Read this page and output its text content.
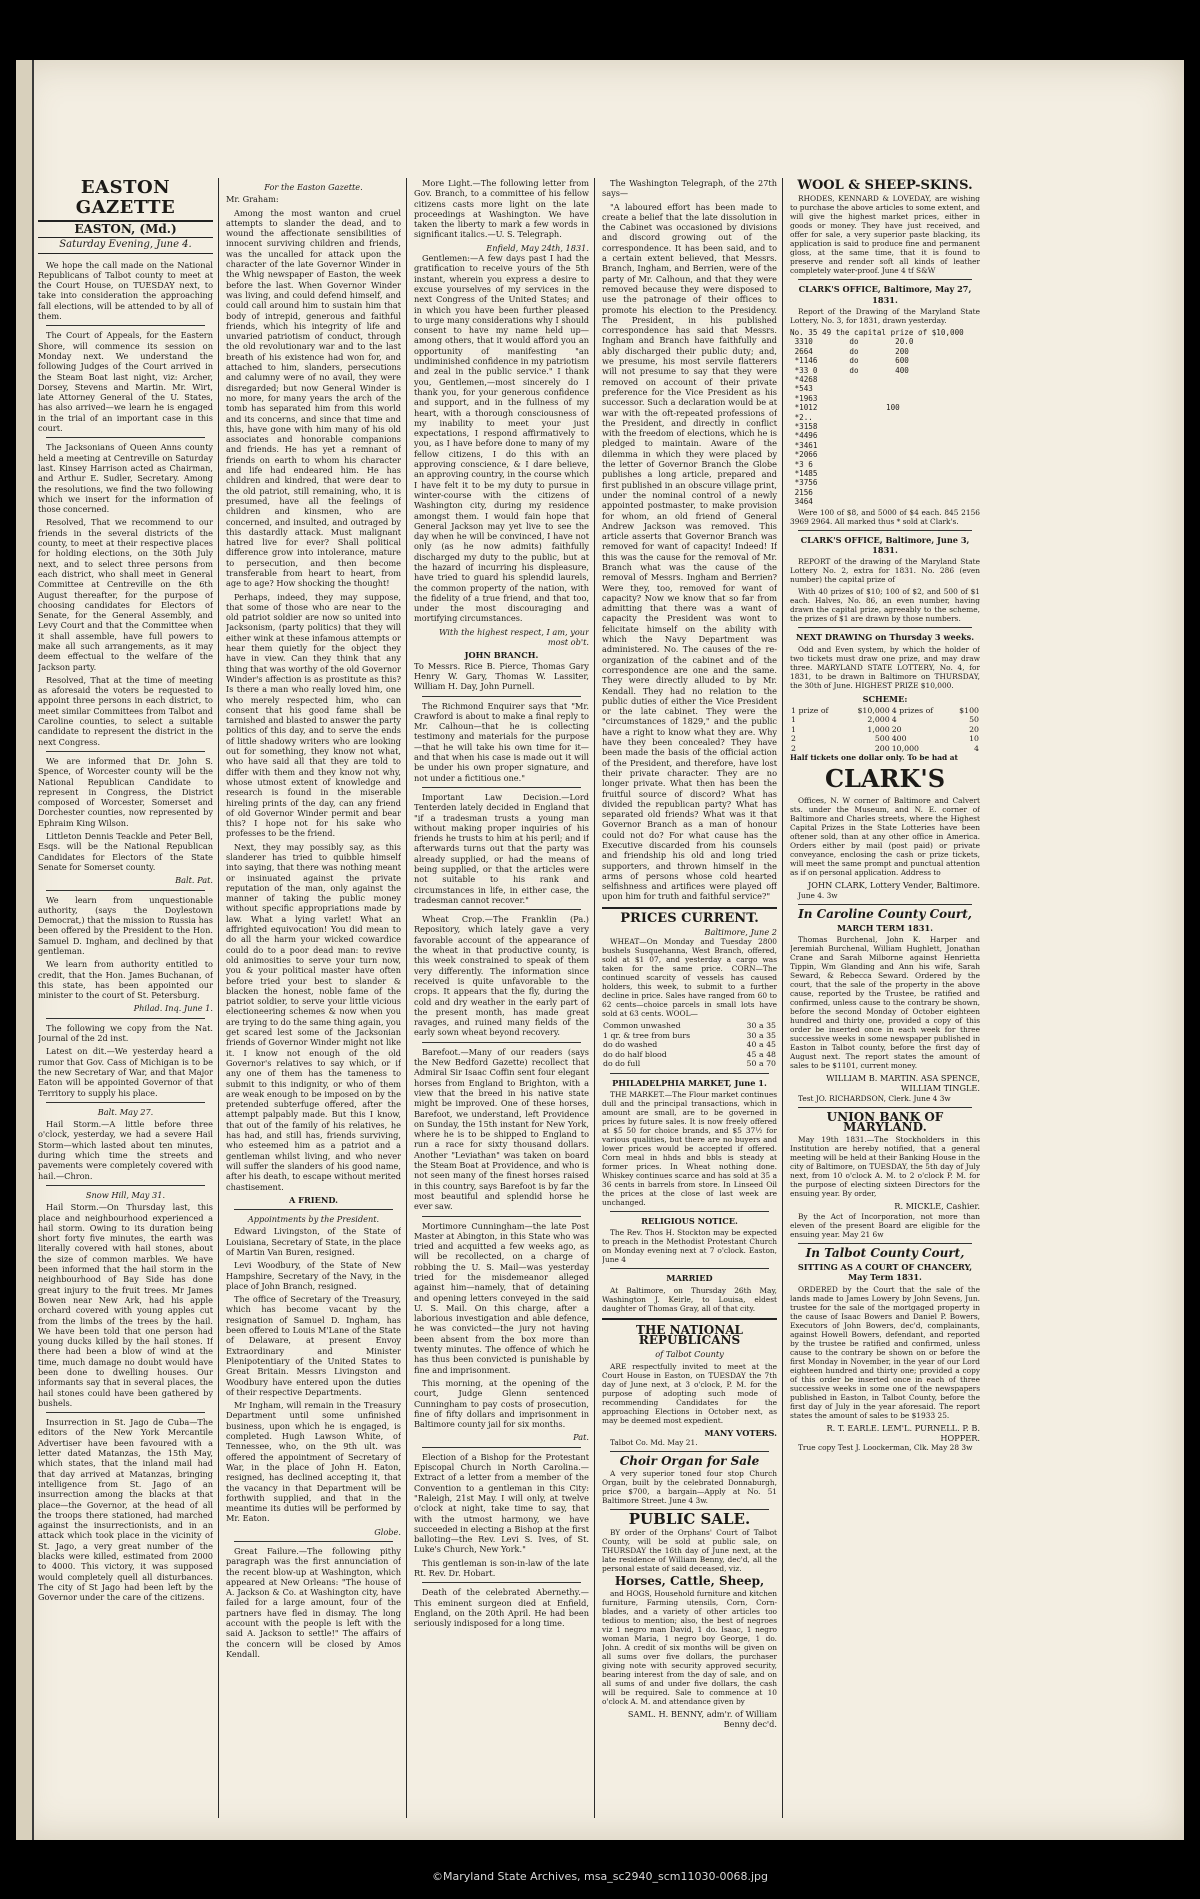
EASTON GAZETTE
EASTON, (Md.)
Saturday Evening, June 4.

We hope the call made on the National Republicans of Talbot county to meet at the Court House, on TUESDAY next, to take into consideration the approaching fall elections, will be attended to by all of them.

The Court of Appeals, for the Eastern Shore, will commence its session on Monday next. We understand the following Judges of the Court arrived in the Steam Boat last night, viz: Archer, Dorsey, Stevens and Martin. Mr. Wirt, late Attorney General of the U. States, has also arrived—we learn he is engaged in the trial of an important case in this court.

The Jacksonians of Queen Anns county held a meeting at Centreville on Saturday last. Kinsey Harrison acted as Chairman, and Arthur E. Sudler, Secretary. Among the resolutions, we find the two following which we insert for the information of those concerned.

Resolved, That we recommend to our friends in the several districts of the county, to meet at their respective places for holding elections, on the 30th July next, and to select three persons from each district, who shall meet in General Committee at Centreville on the 6th August thereafter, for the purpose of choosing candidates for Electors of Senate, for the General Assembly, and Levy Court and that the Committee when it shall assemble, have full powers to make all such arrangements, as it may deem effectual to the welfare of the Jackson party.

Resolved, That at the time of meeting as aforesaid the voters be requested to appoint three persons in each district, to meet similar Committees from Talbot and Caroline counties, to select a suitable candidate to represent the district in the next Congress.

We are informed that Dr. John S. Spence, of Worcester county will be the National Republican Candidate to represent in Congress, the District composed of Worcester, Somerset and Dorchester counties, now represented by Ephraim King Wilson.

Littleton Dennis Teackle and Peter Bell, Esqs. will be the National Republican Candidates for Electors of the State Senate for Somerset county.

Balt. Pat.

We learn from unquestionable authority, (says the Doylestown Democrat,) that the mission to Russia has been offered by the President to the Hon. Samuel D. Ingham, and declined by that gentleman.

We learn from authority entitled to credit, that the Hon. James Buchanan, of this state, has been appointed our minister to the court of St. Petersburg.

Philad. Inq. June 1.

The following we copy from the Nat. Journal of the 2d inst.

Latest on dit.—We yesterday heard a rumor that Gov. Cass of Michigan is to be the new Secretary of War, and that Major Eaton will be appointed Governor of that Territory to supply his place.

Balt. May 27.

Hail Storm.—A little before three o'clock, yesterday, we had a severe Hail Storm—which lasted about ten minutes, during which time the streets and pavements were completely covered with hail.—Chron.

Snow Hill, May 31.

Hail Storm.—On Thursday last, this place and neighbourhood experienced a hail storm. Owing to its duration being short forty five minutes, the earth was literally covered with hail stones, about the size of common marbles. We have been informed that the hail storm in the neighbourhood of Bay Side has done great injury to the fruit trees. Mr James Bowen near New Ark, had his apple orchard covered with young apples cut from the limbs of the trees by the hail. We have been told that one person had young ducks killed by the hail stones. If there had been a blow of wind at the time, much damage no doubt would have been done to dwelling houses. Our informants say that in several places, the hail stones could have been gathered by bushels.

Insurrection in St. Jago de Cuba—The editors of the New York Mercantile Advertiser have been favoured with a letter dated Matanzas, the 15th May, which states, that the inland mail had that day arrived at Matanzas, bringing intelligence from St. Jago of an insurrection among the blacks at that place—the Governor, at the head of all the troops there stationed, had marched against the insurrectionists, and in an attack which took place in the vicinity of St. Jago, a very great number of the blacks were killed, estimated from 2000 to 4000. This victory, it was supposed would completely quell all disturbances. The city of St Jago had been left by the Governor under the care of the citizens.

For the Easton Gazette.

Mr. Graham:

Among the most wanton and cruel attempts to slander the dead, and to wound the affectionate sensibilities of innocent surviving children and friends, was the uncalled for attack upon the character of the late Governor Winder in the Whig newspaper of Easton, the week before the last. When Governor Winder was living, and could defend himself, and could call around him to sustain him that body of intrepid, generous and faithful friends, which his integrity of life and unvaried patriotism of conduct, through the old revolutionary war and to the last breath of his existence had won for, and attached to him, slanders, persecutions and calumny were of no avail, they were disregarded; but now General Winder is no more, for many years the arch of the tomb has separated him from this world and its concerns, and since that time and this, have gone with him many of his old associates and honorable companions and friends. He has yet a remnant of friends on earth to whom his character and life had endeared him. He has children and kindred, that were dear to the old patriot, still remaining, who, it is presumed, have all the feelings of children and kinsmen, who are concerned, and insulted, and outraged by this dastardly attack. Must malignant hatred live for ever? Shall political difference grow into intolerance, mature to persecution, and then become transferable from heart to heart, from age to age? How shocking the thought!

Perhaps, indeed, they may suppose, that some of those who are near to the old patriot soldier are now so united into Jacksonism, (party politics) that they will either wink at these infamous attempts or hear them quietly for the object they have in view. Can they think that any thing that was worthy of the old Governor Winder's affection is as prostitute as this? Is there a man who really loved him, one who merely respected him, who can consent that his good fame shall be tarnished and blasted to answer the party politics of this day, and to serve the ends of little shadowy writers who are looking out for something, they know not what, who have said all that they are told to differ with them and they know not why, whose utmost extent of knowledge and research is found in the miserable hireling prints of the day, can any friend of old Governor Winder permit and bear this? I hope not for his sake who professes to be the friend.

Next, they may possibly say, as this slanderer has tried to quibble himself into saying, that there was nothing meant or insinuated against the private reputation of the man, only against the manner of taking the public money without specific appropriations made by law. What a lying varlet! What an affrighted equivocation! You did mean to do all the harm your wicked cowardice could do to a poor dead man: to revive old animosities to serve your turn now, you & your political master have often before tried your best to slander & blacken the honest, noble fame of the patriot soldier, to serve your little vicious electioneering schemes & now when you are trying to do the same thing again, you get scared lest some of the Jacksonian friends of Governor Winder might not like it. I know not enough of the old Governor's relatives to say which, or if any one of them has the tameness to submit to this indignity, or who of them are weak enough to be imposed on by the pretended subterfuge offered, after the attempt palpably made. But this I know, that out of the family of his relatives, he has had, and still has, friends surviving, who esteemed him as a patriot and a gentleman whilst living, and who never will suffer the slanders of his good name, after his death, to escape without merited chastisement.

A FRIEND.
Appointments by the President.

Edward Livingston, of the State of Louisiana, Secretary of State, in the place of Martin Van Buren, resigned.

Levi Woodbury, of the State of New Hampshire, Secretary of the Navy, in the place of John Branch, resigned.

The office of Secretary of the Treasury, which has become vacant by the resignation of Samuel D. Ingham, has been offered to Louis M'Lane of the State of Delaware, at present Envoy Extraordinary and Minister Plenipotentiary of the United States to Great Britain. Messrs Livingston and Woodbury have entered upon the duties of their respective Departments.

Mr Ingham, will remain in the Treasury Department until some unfinished business, upon which he is engaged, is completed. Hugh Lawson White, of Tennessee, who, on the 9th ult. was offered the appointment of Secretary of War, in the place of John H. Eaton, resigned, has declined accepting it, that the vacancy in that Department will be forthwith supplied, and that in the meantime its duties will be performed by Mr. Eaton.

Globe.

Great Failure.—The following pithy paragraph was the first annunciation of the recent blow-up at Washington, which appeared at New Orleans: "The house of A. Jackson & Co. at Washington city, have failed for a large amount, four of the partners have fled in dismay. The long account with the people is left with the said A. Jackson to settle!" The affairs of the concern will be closed by Amos Kendall.

More Light.—The following letter from Gov. Branch, to a committee of his fellow citizens casts more light on the late proceedings at Washington. We have taken the liberty to mark a few words in significant italics.—U. S. Telegraph.

Enfield, May 24th, 1831.

Gentlemen:—A few days past I had the gratification to receive yours of the 5th instant, wherein you express a desire to excuse yourselves of my services in the next Congress of the United States; and in which you have been further pleased to urge many considerations why I should consent to have my name held up—among others, that it would afford you an opportunity of manifesting "an undiminished confidence in my patriotism and zeal in the public service." I thank you, Gentlemen,—most sincerely do I thank you, for your generous confidence and support, and in the fullness of my heart, with a thorough consciousness of my inability to meet your just expectations, I respond affirmatively to you, as I have before done to many of my fellow citizens, I do this with an approving conscience, & I dare believe, an approving country, in the course which I have felt it to be my duty to pursue in winter-course with the citizens of Washington city, during my residence amongst them. I would fain hope that General Jackson may yet live to see the day when he will be convinced, I have not only (as he now admits) faithfully discharged my duty to the public, but at the hazard of incurring his displeasure, have tried to guard his splendid laurels, the common property of the nation, with the fidelity of a true friend, and that too, under the most discouraging and mortifying circumstances.

With the highest respect, I am, your most ob't.

JOHN BRANCH.

To Messrs. Rice B. Pierce, Thomas Gary Henry W. Gary, Thomas W. Lassiter, William H. Day, John Purnell.

The Richmond Enquirer says that "Mr. Crawford is about to make a final reply to Mr. Calhoun—that he is collecting testimony and materials for the purpose—that he will take his own time for it—and that when his case is made out it will be under his own proper signature, and not under a fictitious one."

Important Law Decision.—Lord Tenterden lately decided in England that "if a tradesman trusts a young man without making proper inquiries of his friends he trusts to him at his peril; and if afterwards turns out that the party was already supplied, or had the means of being supplied, or that the articles were not suitable to his rank and circumstances in life, in either case, the tradesman cannot recover."

Wheat Crop.—The Franklin (Pa.) Repository, which lately gave a very favorable account of the appearance of the wheat in that productive county, is this week constrained to speak of them very differently. The information since received is quite unfavorable to the crops. It appears that the fly, during the cold and dry weather in the early part of the present month, has made great ravages, and ruined many fields of the early sown wheat beyond recovery.

Barefoot.—Many of our readers (says the New Bedford Gazette) recollect that Admiral Sir Isaac Coffin sent four elegant horses from England to Brighton, with a view that the breed in his native state might be improved. One of these horses, Barefoot, we understand, left Providence on Sunday, the 15th instant for New York, where he is to be shipped to England to run a race for sixty thousand dollars. Another "Leviathan" was taken on board the Steam Boat at Providence, and who is not seen many of the finest horses raised in this country, says Barefoot is by far the most beautiful and splendid horse he ever saw.

Mortimore Cunningham—the late Post Master at Abington, in this State who was tried and acquitted a few weeks ago, as will be recollected, on a charge of robbing the U. S. Mail—was yesterday tried for the misdemeanor alleged against him—namely, that of detaining and opening letters conveyed in the said U. S. Mail. On this charge, after a laborious investigation and able defence, he was convicted—the jury not having been absent from the box more than twenty minutes. The offence of which he has thus been convicted is punishable by fine and imprisonment.

This morning, at the opening of the court, Judge Glenn sentenced Cunningham to pay costs of prosecution, fine of fifty dollars and imprisonment in Baltimore county jail for six months.

Pat.

Election of a Bishop for the Protestant Episcopal Church in North Carolina.—Extract of a letter from a member of the Convention to a gentleman in this City: "Raleigh, 21st May. I will only, at twelve o'clock at night, take time to say, that with the utmost harmony, we have succeeded in electing a Bishop at the first balloting—the Rev. Levi S. Ives, of St. Luke's Church, New York."

This gentleman is son-in-law of the late Rt. Rev. Dr. Hobart.

Death of the celebrated Abernethy.—This eminent surgeon died at Enfield, England, on the 20th April. He had been seriously indisposed for a long time.

The Washington Telegraph, of the 27th says—

"A laboured effort has been made to create a belief that the late dissolution in the Cabinet was occasioned by divisions and discord growing out of the correspondence. It has been said, and to a certain extent believed, that Messrs. Branch, Ingham, and Berrien, were of the party of Mr. Calhoun, and that they were removed because they were disposed to use the patronage of their offices to promote his election to the Presidency. The President, in his published correspondence has said that Messrs. Ingham and Branch have faithfully and ably discharged their public duty; and, we presume, his most servile flatterers will not presume to say that they were removed on account of their private preference for the Vice President as his successor. Such a declaration would be at war with the oft-repeated professions of the President, and directly in conflict with the freedom of elections, which he is pledged to maintain. Aware of the dilemma in which they were placed by the letter of Governor Branch the Globe publishes a long article, prepared and first published in an obscure village print, under the nominal control of a newly appointed postmaster, to make provision for whom, an old friend of General Andrew Jackson was removed. This article asserts that Governor Branch was removed for want of capacity! Indeed! If this was the cause for the removal of Mr. Branch what was the cause of the removal of Messrs. Ingham and Berrien? Were they, too, removed for want of capacity? Now we know that so far from admitting that there was a want of capacity the President was wont to felicitate himself on the ability with which the Navy Department was administered. No. The causes of the re-organization of the cabinet and of the correspondence are one and the same. They were directly alluded to by Mr. Kendall. They had no relation to the public duties of either the Vice President or the late cabinet. They were the "circumstances of 1829," and the public have a right to know what they are. Why have they been concealed? They have been made the basis of the official action of the President, and therefore, have lost their private character. They are no longer private. What then has been the fruitful source of discord? What has divided the republican party? What has separated old friends? What was it that Governor Branch as a man of honour could not do? For what cause has the Executive discarded from his counsels and friendship his old and long tried supporters, and thrown himself in the arms of persons whose cold hearted selfishness and artifices were played off upon him for truth and faithful service?"

PRICES CURRENT.
Baltimore, June 2

WHEAT—On Monday and Tuesday 2800 bushels Susquehanna, West Branch, offered, sold at $1 07, and yesterday a cargo was taken for the same price. CORN—The continued scarcity of vessels has caused holders, this week, to submit to a further decline in price. Sales have ranged from 60 to 62 cents—choice parcels in small lots have sold at 63 cents. WOOL—

Common unwashed	30 a 35
1 qr. & tree from burs	30 a 35
do do washed	40 a 45
do do half blood	45 a 48
do do full	50 a 70
PHILADELPHIA MARKET, June 1.

THE MARKET.—The Flour market continues dull and the principal transactions, which in amount are small, are to be governed in prices by future sales. It is now freely offered at $5 50 for choice brands, and $5 37½ for various qualities, but there are no buyers and lower prices would be accepted if offered. Corn meal in hhds and bbls is steady at former prices. In Wheat nothing done. Whiskey continues scarce and has sold at 35 a 36 cents in barrels from store. In Linseed Oil the prices at the close of last week are unchanged.

RELIGIOUS NOTICE.

The Rev. Thos H. Stockton may be expected to preach in the Methodist Protestant Church on Monday evening next at 7 o'clock. Easton, June 4

MARRIED

At Baltimore, on Thursday 26th May, Washington J. Keirle, to Louisa, eldest daughter of Thomas Gray, all of that city.

THE NATIONAL REPUBLICANS
of Talbot County

ARE respectfully invited to meet at the Court House in Easton, on TUESDAY the 7th day of June next, at 3 o'clock, P. M. for the purpose of adopting such mode of recommending Candidates for the approaching Elections in October next, as may be deemed most expedient.

MANY VOTERS.

Talbot Co. Md. May 21.

Choir Organ for Sale

A very superior toned four stop Church Organ, built by the celebrated Donnaburgh, price $700, a bargain—Apply at No. 51 Baltimore Street. June 4 3w.

PUBLIC SALE.

BY order of the Orphans' Court of Talbot County, will be sold at public sale, on THURSDAY the 16th day of June next, at the late residence of William Benny, dec'd, all the personal estate of said deceased, viz.

Horses, Cattle, Sheep,

and HOGS, Household furniture and kitchen furniture, Farming utensils, Corn, Corn-blades, and a variety of other articles too tedious to mention; also, the best of negroes viz 1 negro man David, 1 do. Isaac, 1 negro woman Maria, 1 negro boy George, 1 do. John. A credit of six months will be given on all sums over five dollars, the purchaser giving note with security approved security, bearing interest from the day of sale, and on all sums of and under five dollars, the cash will be required. Sale to commence at 10 o'clock A. M. and attendance given by

SAML. H. BENNY, adm'r. of William Benny dec'd.
WOOL & SHEEP-SKINS.

RHODES, KENNARD & LOVEDAY, are wishing to purchase the above articles to some extent, and will give the highest market prices, either in goods or money. They have just received, and offer for sale, a very superior paste blacking, its application is said to produce fine and permanent gloss, at the same time, that it is found to preserve and render soft all kinds of leather completely water-proof. June 4 tf S&W

CLARK'S OFFICE, Baltimore, May 27, 1831.

Report of the Drawing of the Maryland State Lottery, No. 3, for 1831, drawn yesterday.

No. 35 49 the capital prize of $10,000
3310        do        20.0
2664        do        200
*1146       do        600
*33 0       do        400
*4268
*543
*1963
*1012               100
*2..
*3158
*4496
*3461
*2066
*3 6
*1485
*3756
2156
3464

Were 100 of $8, and 5000 of $4 each. 845 2156 3969 2964. All marked thus * sold at Clark's.

CLARK'S OFFICE, Baltimore, June 3, 1831.

REPORT of the drawing of the Maryland State Lottery No. 2, extra for 1831. No. 286 (even number) the capital prize of

With 40 prizes of $10; 100 of $2, and 500 of $1 each. Halves, No. 86, an even number, having drawn the capital prize, agreeably to the scheme, the prizes of $1 are drawn by those numbers.

NEXT DRAWING on Thursday 3 weeks.

Odd and Even system, by which the holder of two tickets must draw one prize, and may draw three. MARYLAND STATE LOTTERY, No. 4, for 1831, to be drawn in Baltimore on THURSDAY, the 30th of June. HIGHEST PRIZE $10,000.

SCHEME:
1 prize of	$10,000	4 prizes of	$100
1	2,000	4	50
1	1,000	20	20
2	500	400	10
2	200	10,000	4

Half tickets one dollar only. To be had at

CLARK'S

Offices, N. W corner of Baltimore and Calvert sts. under the Museum, and N. E. corner of Baltimore and Charles streets, where the Highest Capital Prizes in the State Lotteries have been oftener sold, than at any other office in America. Orders either by mail (post paid) or private conveyance, enclosing the cash or prize tickets, will meet the same prompt and punctual attention as if on personal application. Address to

JOHN CLARK, Lottery Vender, Baltimore.

June 4. 3w

In Caroline County Court,
MARCH TERM 1831.

Thomas Burchenal, John K. Harper and Jeremiah Burchenal, William Hughlett, Jonathan Crane and Sarah Milborne against Henrietta Tippin, Wm Glanding and Ann his wife, Sarah Seward, & Rebecca Seward. Ordered by the court, that the sale of the property in the above cause, reported by the Trustee, be ratified and confirmed, unless cause to the contrary be shown, before the second Monday of October eighteen hundred and thirty one, provided a copy of this order be inserted once in each week for three successive weeks in some newspaper published in Easton in Talbot county, before the first day of August next. The report states the amount of sales to be $1101, current money.

WILLIAM B. MARTIN. ASA SPENCE, WILLIAM TINGLE.

Test JO. RICHARDSON, Clerk. June 4 3w

UNION BANK OF MARYLAND.

May 19th 1831.—The Stockholders in this Institution are hereby notified, that a general meeting will be held at their Banking House in the city of Baltimore, on TUESDAY, the 5th day of July next, from 10 o'clock A. M. to 2 o'clock P. M. for the purpose of electing sixteen Directors for the ensuing year. By order,

R. MICKLE, Cashier.

By the Act of Incorporation, not more than eleven of the present Board are eligible for the ensuing year. May 21 6w

In Talbot County Court,
SITTING AS A COURT OF CHANCERY, May Term 1831.

ORDERED by the Court that the sale of the lands made to James Lowery by John Sevens, Jun. trustee for the sale of the mortgaged property in the cause of Isaac Bowers and Daniel P. Bowers, Executors of John Bowers, dec'd, complainants, against Howell Bowers, defendant, and reported by the trustee be ratified and confirmed, unless cause to the contrary be shown on or before the first Monday in November, in the year of our Lord eighteen hundred and thirty one; provided a copy of this order be inserted once in each of three successive weeks in some one of the newspapers published in Easton, in Talbot County, before the first day of July in the year aforesaid. The report states the amount of sales to be $1933 25.

R. T. EARLE. LEM'L. PURNELL. P. B. HOPPER.

True copy Test J. Loockerman, Clk. May 28 3w

©Maryland State Archives, msa_sc2940_scm11030-0068.jpg
